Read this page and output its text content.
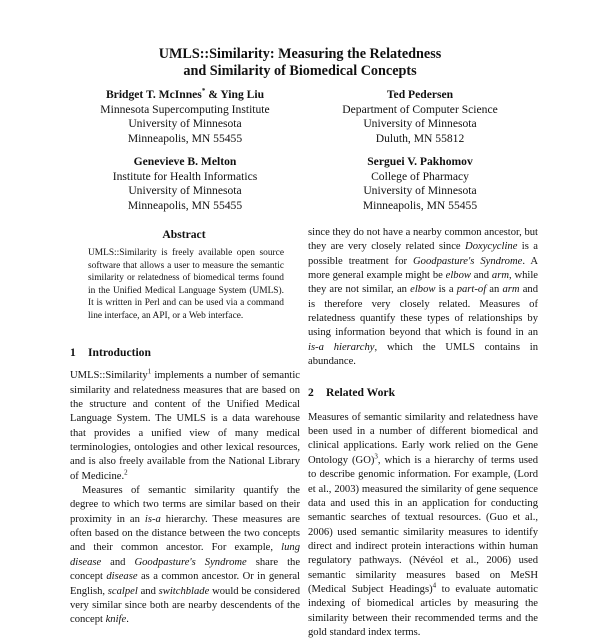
UMLS::Similarity: Measuring the Relatedness
and Similarity of Biomedical Concepts
Bridget T. McInnes* & Ying Liu
Minnesota Supercomputing Institute
University of Minnesota
Minneapolis, MN 55455
Ted Pedersen
Department of Computer Science
University of Minnesota
Duluth, MN 55812
Genevieve B. Melton
Institute for Health Informatics
University of Minnesota
Minneapolis, MN 55455
Serguei V. Pakhomov
College of Pharmacy
University of Minnesota
Minneapolis, MN 55455
Abstract
UMLS::Similarity is freely available open source software that allows a user to measure the semantic similarity or relatedness of biomedical terms found in the Unified Medical Language System (UMLS). It is written in Perl and can be used via a command line interface, an API, or a Web interface.
1 Introduction

UMLS::Similarity$^1$ implements a number of semantic similarity and relatedness measures that are based on the structure and content of the Unified Medical Language System. The UMLS is a data warehouse that provides a unified view of many medical terminologies, ontologies and other lexical resources, and is also freely available from the National Library of Medicine.$^2$

Measures of semantic similarity quantify the degree to which two terms are similar based on their proximity in an is-a hierarchy. These measures are often based on the distance between the two concepts and their common ancestor. For example, lung disease and Goodpasture's Syndrome share the concept disease as a common ancestor. Or in general English, scalpel and switchblade would be considered very similar since both are nearby descendents of the concept knife.

since they do not have a nearby common ancestor, but they are very closely related since Doxycycline is a possible treatment for Goodpasture's Syndrome. A more general example might be elbow and arm, while they are not similar, an elbow is a part-of an arm and is therefore very closely related. Measures of relatedness quantify these types of relationships by using information beyond that which is found in an is-a hierarchy, which the UMLS contains in abundance.

2 Related Work

Measures of semantic similarity and relatedness have been used in a number of different biomedical and clinical applications. Early work relied on the Gene Ontology (GO)$^3$, which is a hierarchy of terms used to describe genomic information. For example, (Lord et al., 2003) measured the similarity of gene sequence data and used this in an application for conducting semantic searches of textual resources. (Guo et al., 2006) used semantic similarity measures to identify direct and indirect protein interactions within human regulatory pathways. (Névéol et al., 2006) used semantic similarity measures based on MeSH (Medical Subject Headings)$^4$ to evaluate automatic indexing of biomedical articles by measuring the similarity between their recommended terms and the gold standard index terms.
